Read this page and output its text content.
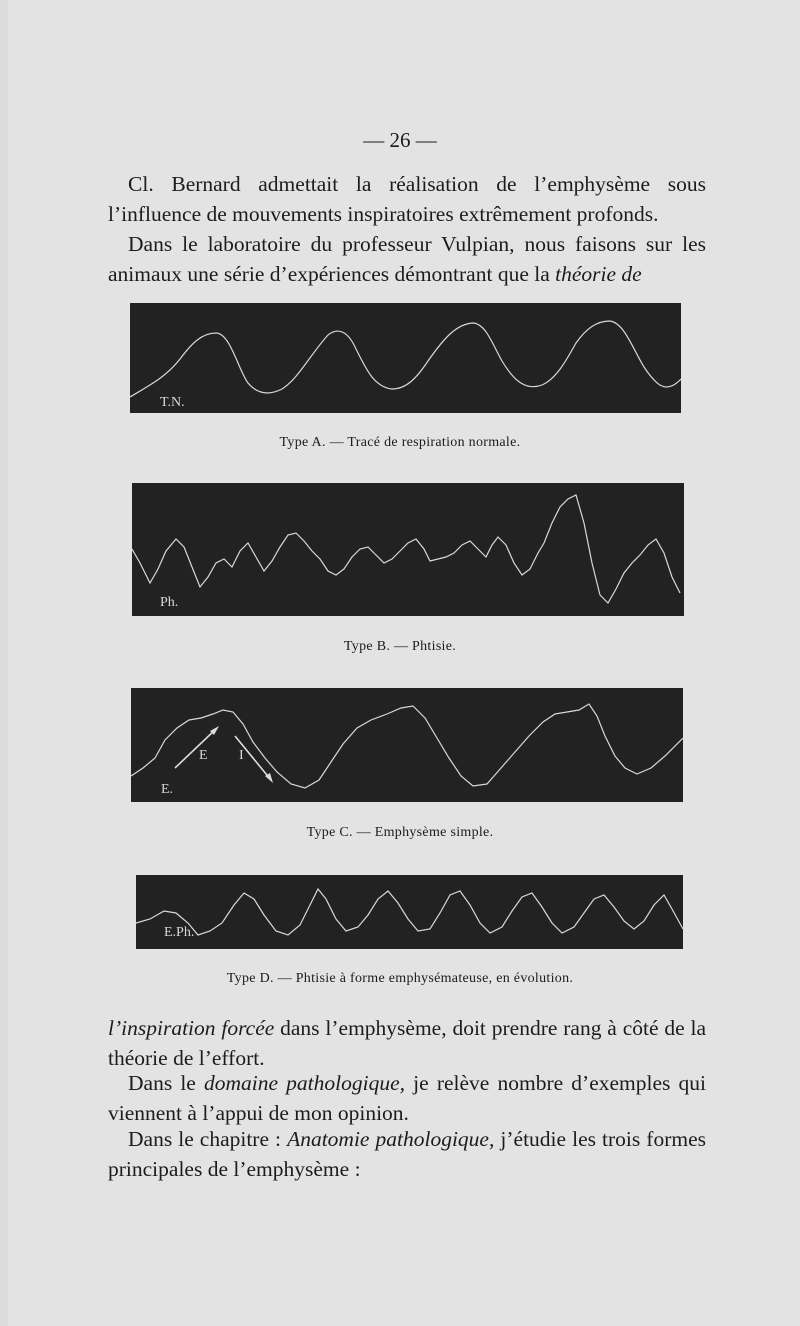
— 26 —

Cl. Bernard admettait la réalisation de l’emphysème sous l’influence de mouvements inspiratoires extrêmement profonds.

Dans le laboratoire du professeur Vulpian, nous faisons sur les animaux une série d’expériences démontrant que la théorie de

T.N.
Type A. — Tracé de respiration normale.
Ph.
Type B. — Phtisie.
E I
E.
Type C. — Emphysème simple.
E.Ph.
Type D. — Phtisie à forme emphysémateuse, en évolution.

l’inspiration forcée dans l’emphysème, doit prendre rang à côté de la théorie de l’effort.

Dans le domaine pathologique, je relève nombre d’exemples qui viennent à l’appui de mon opinion.

Dans le chapitre : Anatomie pathologique, j’étudie les trois formes principales de l’emphysème :
